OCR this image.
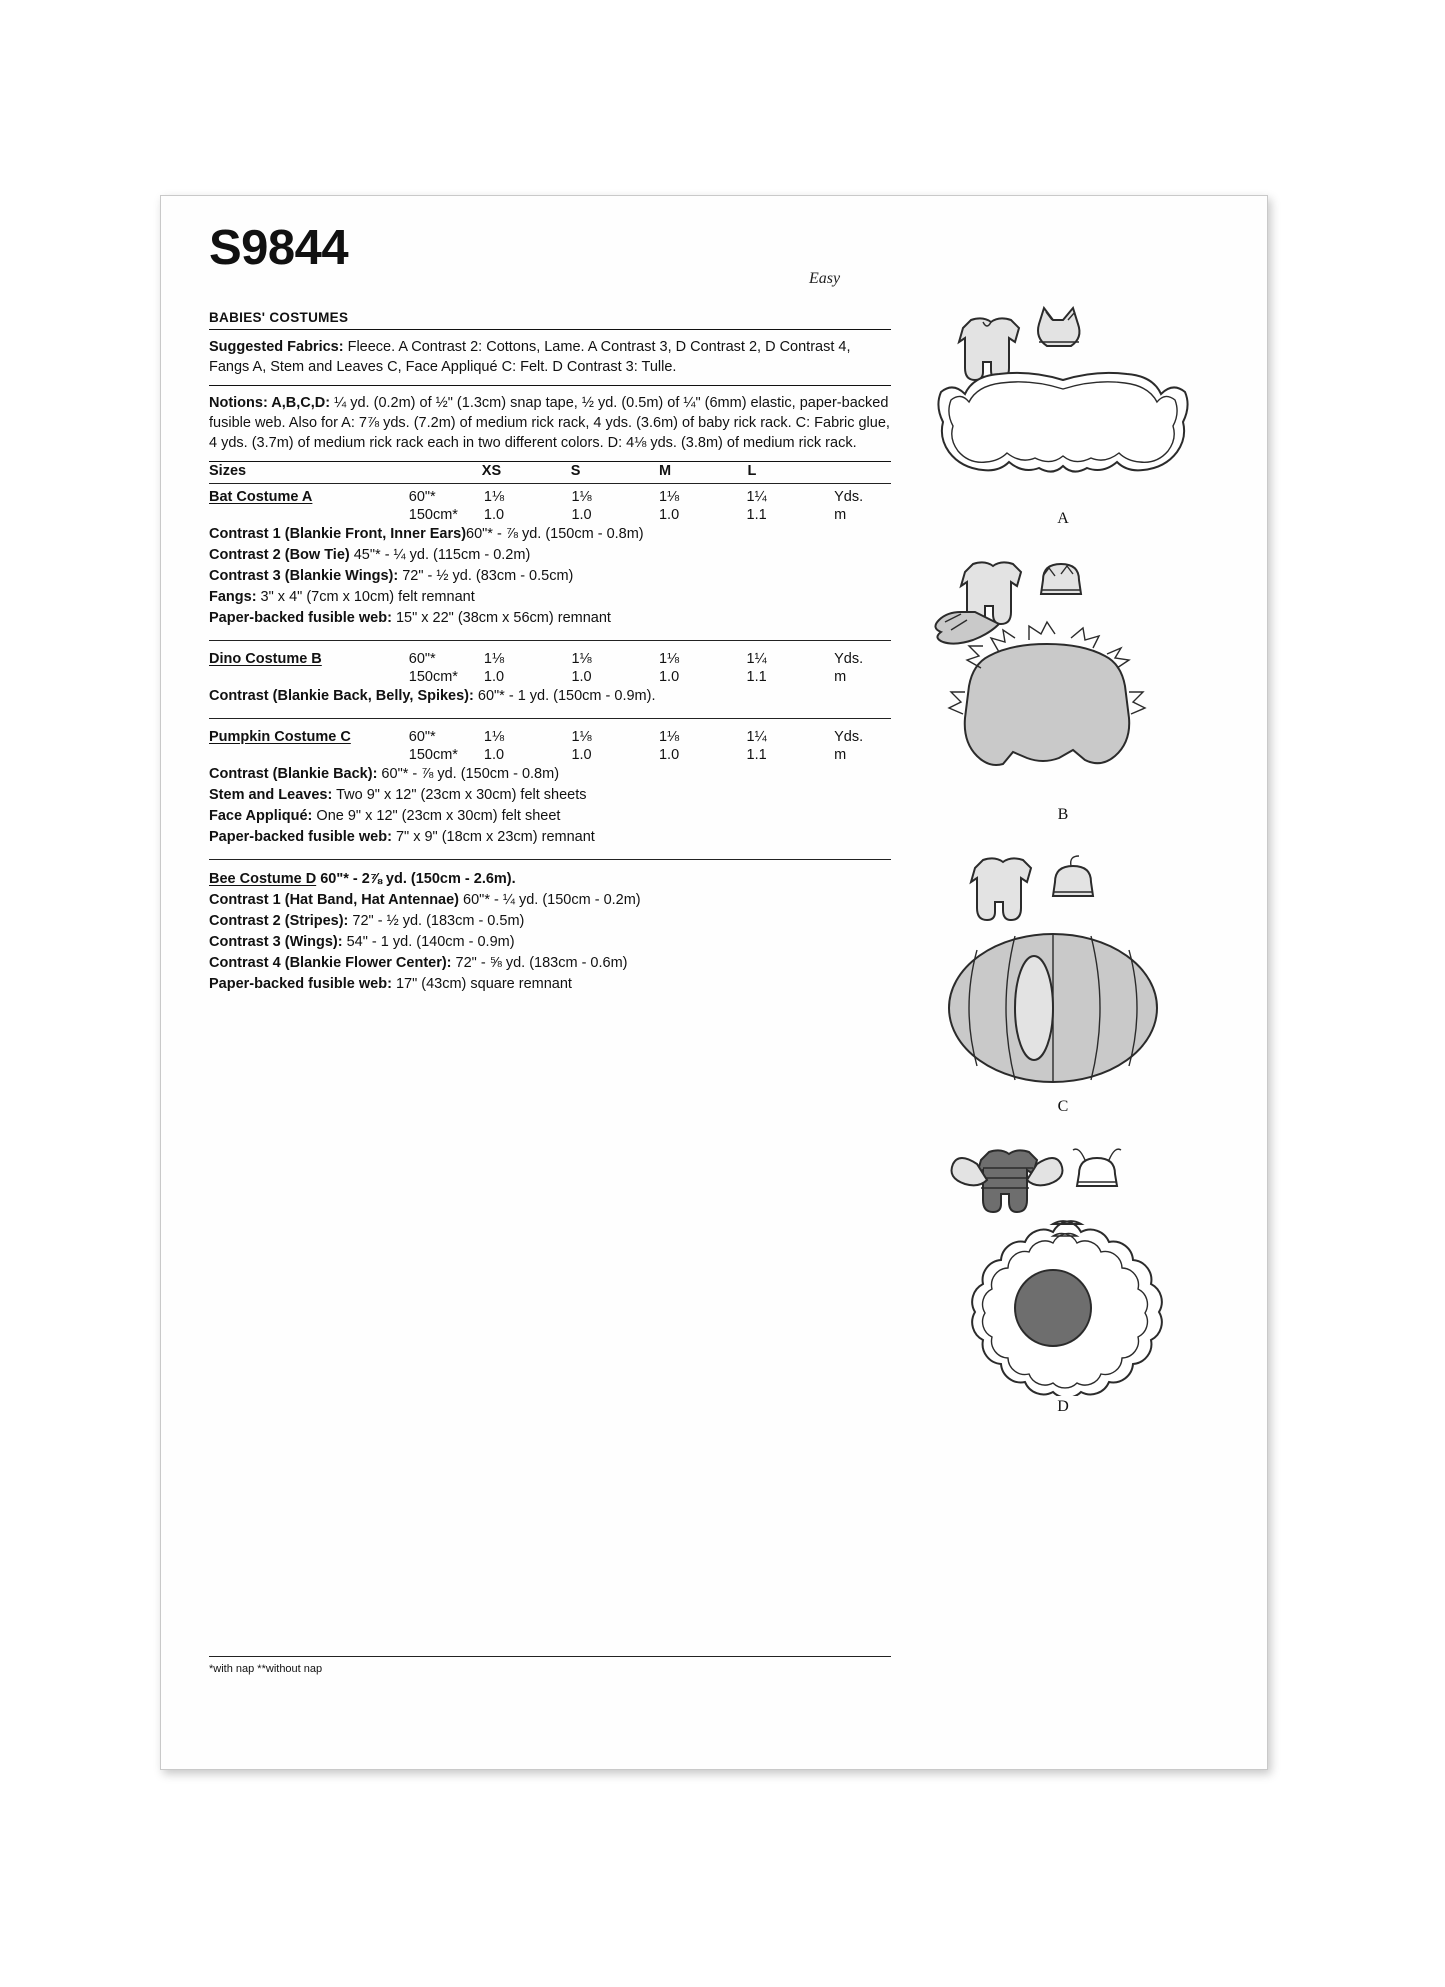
S9844
Easy
BABIES' COSTUMES

Suggested Fabrics: Fleece. A Contrast 2: Cottons, Lame. A Contrast 3, D Contrast 2, D Contrast 4, Fangs A, Stem and Leaves C, Face Appliqué C: Felt. D Contrast 3: Tulle.

Notions: A,B,C,D: ¼ yd. (0.2m) of ½" (1.3cm) snap tape, ½ yd. (0.5m) of ¼" (6mm) elastic, paper-backed fusible web. Also for A: 7⅞ yds. (7.2m) of medium rick rack, 4 yds. (3.6m) of baby rick rack. C: Fabric glue, 4 yds. (3.7m) of medium rick rack each in two different colors. D: 4⅛ yds. (3.8m) of medium rick rack.

Sizes		XS	S	M	L	
Bat Costume A	60"*	1⅛	1⅛	1⅛	1¼	Yds.
	150cm*	1.0	1.0	1.0	1.1	m

Contrast 1 (Blankie Front, Inner Ears)60"* - ⅞ yd. (150cm - 0.8m)

Contrast 2 (Bow Tie) 45"* - ¼ yd. (115cm - 0.2m)

Contrast 3 (Blankie Wings): 72" - ½ yd. (83cm - 0.5cm)

Fangs: 3" x 4" (7cm x 10cm) felt remnant

Paper-backed fusible web: 15" x 22" (38cm x 56cm) remnant

Dino Costume B	60"*	1⅛	1⅛	1⅛	1¼	Yds.
	150cm*	1.0	1.0	1.0	1.1	m

Contrast (Blankie Back, Belly, Spikes): 60"* - 1 yd. (150cm - 0.9m).

Pumpkin Costume C	60"*	1⅛	1⅛	1⅛	1¼	Yds.
	150cm*	1.0	1.0	1.0	1.1	m

Contrast (Blankie Back): 60"* - ⅞ yd. (150cm - 0.8m)

Stem and Leaves: Two 9" x 12" (23cm x 30cm) felt sheets

Face Appliqué: One 9" x 12" (23cm x 30cm) felt sheet

Paper-backed fusible web: 7" x 9" (18cm x 23cm) remnant

Bee Costume D 60"* - 2⅞ yd. (150cm - 2.6m).

Contrast 1 (Hat Band, Hat Antennae) 60"* - ¼ yd. (150cm - 0.2m)

Contrast 2 (Stripes): 72" - ½ yd. (183cm - 0.5m)

Contrast 3 (Wings): 54" - 1 yd. (140cm - 0.9m)

Contrast 4 (Blankie Flower Center): 72" - ⅝ yd. (183cm - 0.6m)

Paper-backed fusible web: 17" (43cm) square remnant

*with nap **without nap
A
B
C
D
